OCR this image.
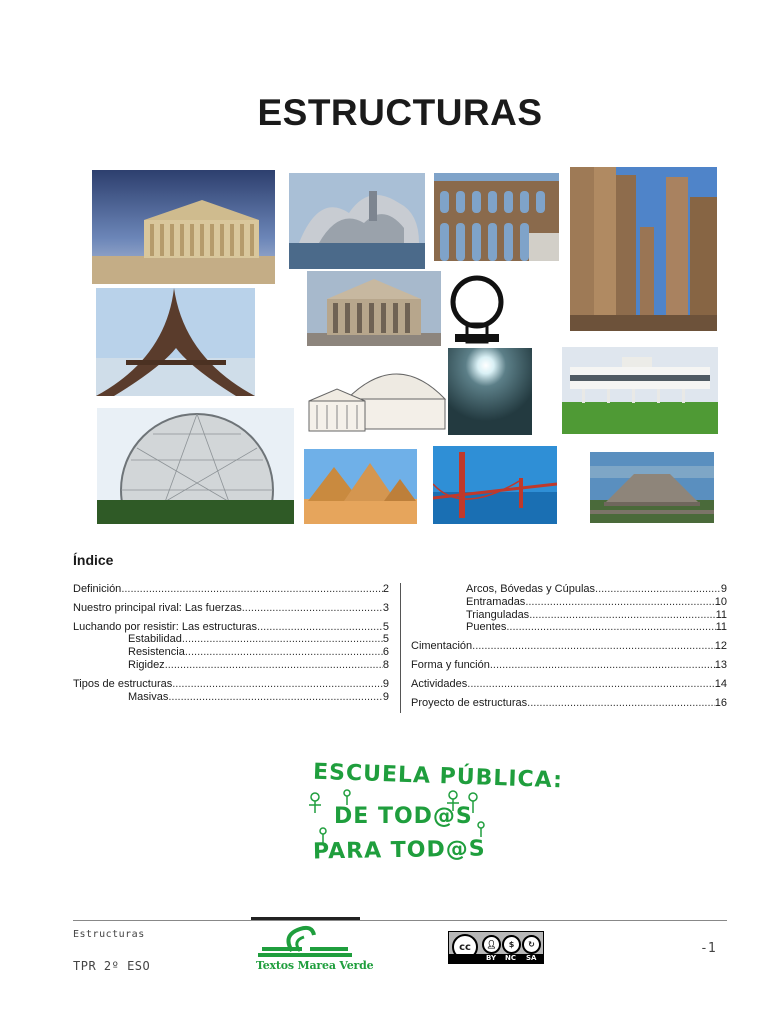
ESTRUCTURAS
Índice
Definición .....	2
Nuestro principal rival: Las fuerzas .....	3
Luchando por resistir: Las estructuras .....	5
Estabilidad .....	5
Resistencia .....	6
Rigidez .....	8
Tipos de estructuras .....	9
Masivas .....	9
Arcos, Bóvedas y Cúpulas .....	9
Entramadas .....	10
Trianguladas .....	11
Puentes .....	11
Cimentación .....	12
Forma y función .....	13
Actividades .....	14
Proyecto de estructuras .....	16
ESCUELA PÚBLICA:
DE TOD@S
PARA TOD@S
Estructuras
TPR 2º ESO	Textos Marea Verde
cc	👤︎	$	↻
BY NC SA
-1
